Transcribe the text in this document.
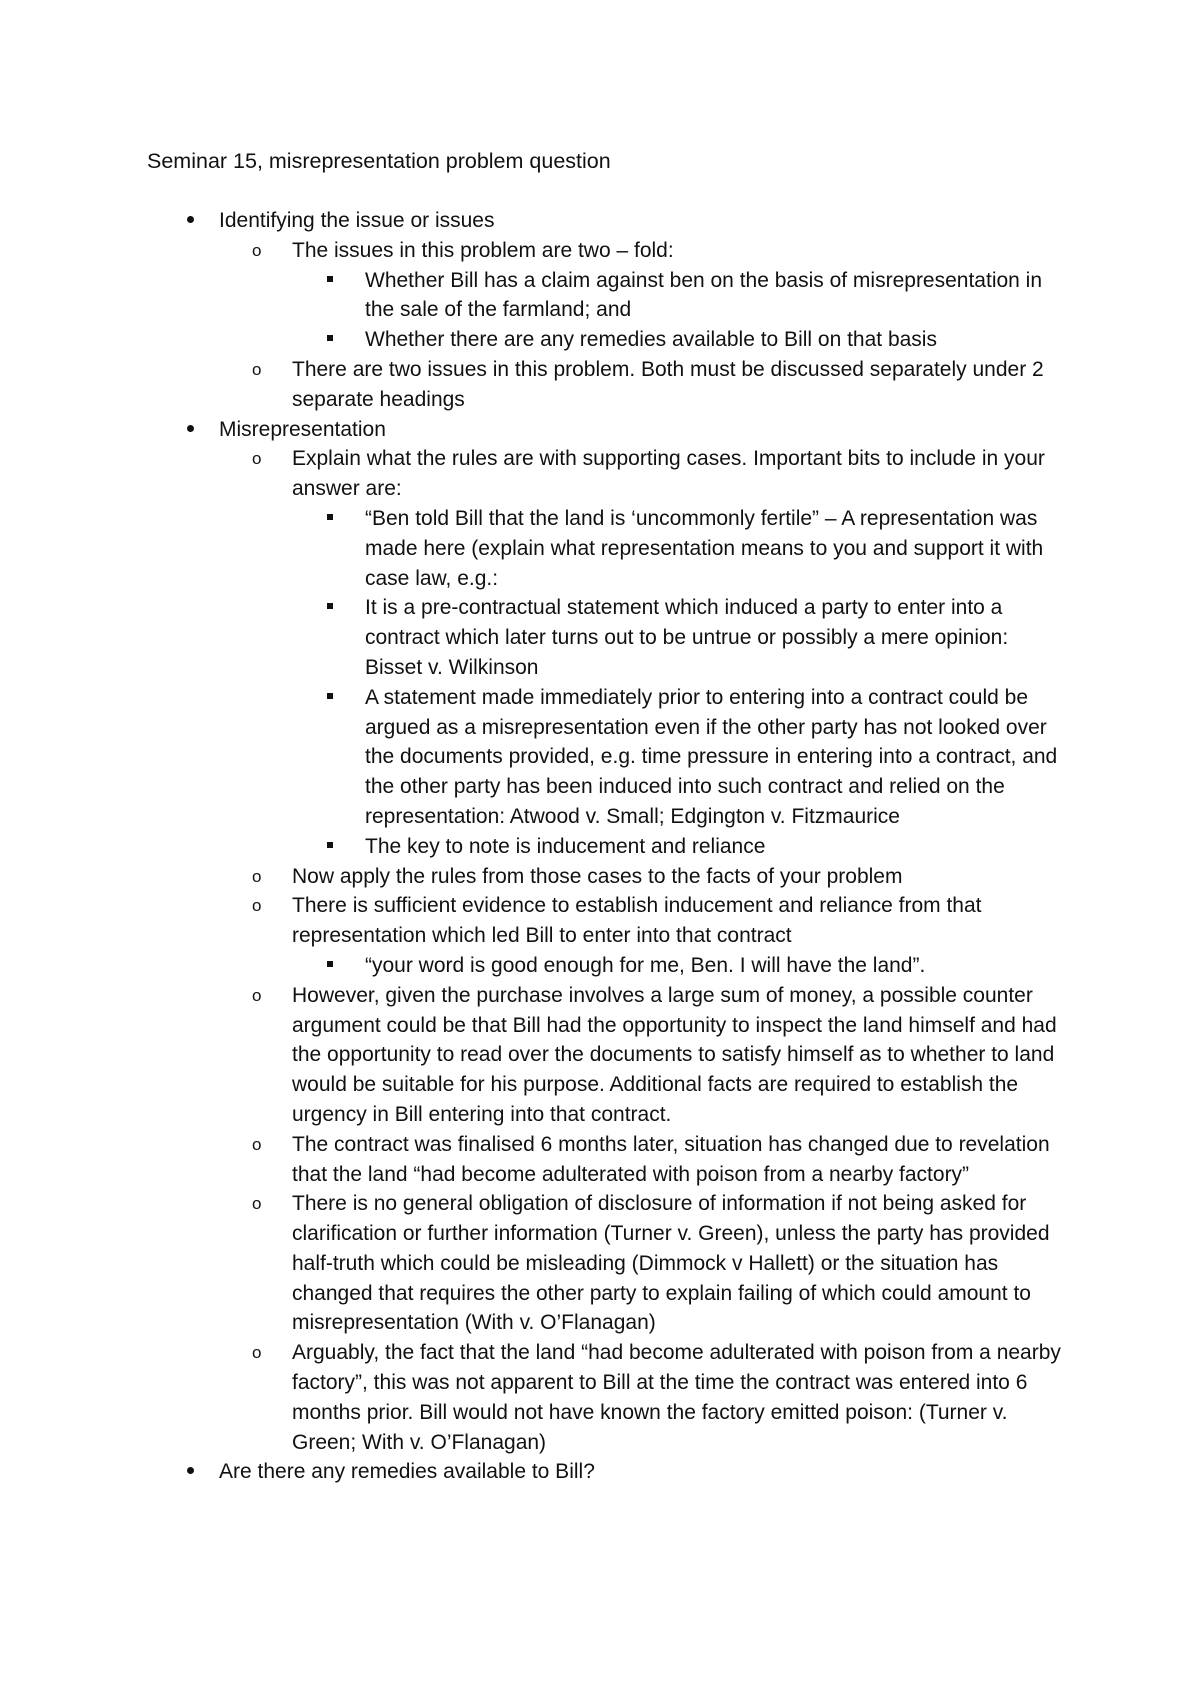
Seminar 15, misrepresentation problem question
Identifying the issue or issues
o The issues in this problem are two – fold:
Whether Bill has a claim against ben on the basis of misrepresentation in the sale of the farmland; and
Whether there are any remedies available to Bill on that basis
o There are two issues in this problem. Both must be discussed separately under 2 separate headings
Misrepresentation
o Explain what the rules are with supporting cases. Important bits to include in your answer are:
“Ben told Bill that the land is ‘uncommonly fertile” – A representation was made here (explain what representation means to you and support it with case law, e.g.:
It is a pre-contractual statement which induced a party to enter into a contract which later turns out to be untrue or possibly a mere opinion: Bisset v. Wilkinson
A statement made immediately prior to entering into a contract could be argued as a misrepresentation even if the other party has not looked over the documents provided, e.g. time pressure in entering into a contract, and the other party has been induced into such contract and relied on the representation: Atwood v. Small; Edgington v. Fitzmaurice
The key to note is inducement and reliance
o Now apply the rules from those cases to the facts of your problem
o There is sufficient evidence to establish inducement and reliance from that representation which led Bill to enter into that contract
“your word is good enough for me, Ben. I will have the land”.
o However, given the purchase involves a large sum of money, a possible counter argument could be that Bill had the opportunity to inspect the land himself and had the opportunity to read over the documents to satisfy himself as to whether to land would be suitable for his purpose. Additional facts are required to establish the urgency in Bill entering into that contract.
o The contract was finalised 6 months later, situation has changed due to revelation that the land “had become adulterated with poison from a nearby factory”
o There is no general obligation of disclosure of information if not being asked for clarification or further information (Turner v. Green), unless the party has provided half-truth which could be misleading (Dimmock v Hallett) or the situation has changed that requires the other party to explain failing of which could amount to misrepresentation (With v. O’Flanagan)
o Arguably, the fact that the land “had become adulterated with poison from a nearby factory”, this was not apparent to Bill at the time the contract was entered into 6 months prior. Bill would not have known the factory emitted poison: (Turner v. Green; With v. O’Flanagan)
Are there any remedies available to Bill?
